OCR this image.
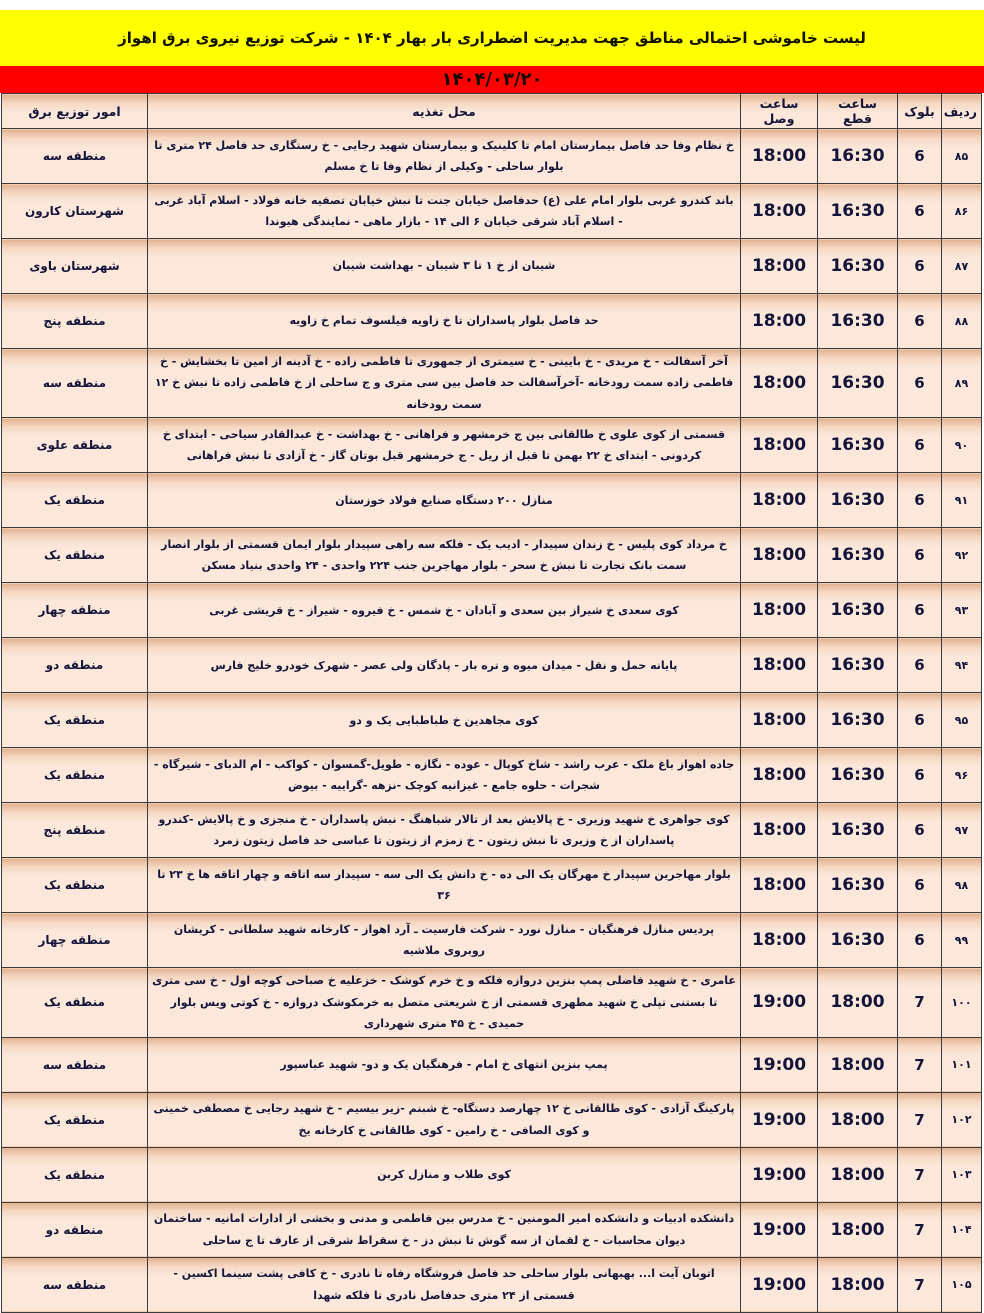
لیست خاموشی احتمالی مناطق جهت مدیریت اضطراری بار بهار ۱۴۰۴ - شرکت توزیع نیروی برق اهواز
۱۴۰۴/۰۳/۲۰
ردیف	بلوک	ساعت قطع	ساعت وصل	محل تغذیه	امور توزیع برق
۸۵	6	16:30	18:00	خ نظام وفا حد فاصل بیمارستان امام تا کلینیک و بیمارستان شهید رجایی - خ رستگاری حد فاصل ۲۴ متری تا بلوار ساحلی - وکیلی از نظام وفا تا خ مسلم	منطقه سه
۸۶	6	16:30	18:00	باند کندرو غربی بلوار امام علی (ع) حدفاصل خیابان جنت تا نبش خیابان تصفیه خانه فولاد - اسلام آباد غربی - اسلام آباد شرقی خیابان ۶ الی ۱۴ - بازار ماهی - نمایندگی هیوندا	شهرستان کارون
۸۷	6	16:30	18:00	شیبان از خ ۱ تا ۳ شیبان - بهداشت شیبان	شهرستان باوی
۸۸	6	16:30	18:00	حد فاصل بلوار پاسداران تا خ زاویه فیلسوف تمام خ زاویه	منطقه پنج
۸۹	6	16:30	18:00	آخر آسفالت - خ مریدی - خ بایینی - خ سیمتری از جمهوری تا فاطمی زاده - خ آدینه از امین تا بخشایش - خ فاطمی زاده سمت رودخانه -آخرآسفالت حد فاصل بین سی متری و ج ساحلی از خ فاطمی زاده تا نبش خ ۱۲ سمت رودخانه	منطقه سه
۹۰	6	16:30	18:00	قسمتی از کوی علوی خ طالقانی بین ج خرمشهر و فراهانی - خ بهداشت - خ عبدالقادر سیاحی - ابتدای خ کردونی - ابتدای خ ۲۲ بهمن تا قبل از ریل - ج خرمشهر قبل بوتان گاز - خ آزادی تا نبش فراهانی	منطقه علوی
۹۱	6	16:30	18:00	منازل ۲۰۰ دستگاه صنایع فولاد خوزستان	منطقه یک
۹۲	6	16:30	18:00	خ مرداد کوی پلیس - خ زندان سپیدار - ادیب یک - فلکه سه راهی سپیدار بلوار ایمان قسمتی از بلوار انصار سمت بانک تجارت تا نبش خ سحر - بلوار مهاجرین جنب ۲۲۴ واحدی - ۲۴ واحدی بنیاد مسکن	منطقه یک
۹۳	6	16:30	18:00	کوی سعدی خ شیراز بین سعدی و آبادان - خ شمس - خ فیروه - شیراز - خ قریشی غربی	منطقه چهار
۹۴	6	16:30	18:00	پایانه حمل و نقل - میدان میوه و تره بار - پادگان ولی عصر - شهرک خودرو خلیج فارس	منطقه دو
۹۵	6	16:30	18:00	کوی مجاهدین خ طباطبایی یک و دو	منطقه یک
۹۶	6	16:30	18:00	جاده اهواز باغ ملک - عرب راشد - شاخ کوپال - عوده - نگازه - طویل-گمسوان - کواکب - ام الدبای - شیرگاه - شجرات - حلوه جامع - غیزانیه کوچک -نزهه -گراییه - بیوض	منطقه یک
۹۷	6	16:30	18:00	کوی جواهری خ شهید وزیری - خ پالایش بعد از تالار شباهنگ - نبش پاسداران - خ منجزی و خ پالایش -کندرو پاسداران از خ وزیری تا نبش زیتون - خ زمزم از زیتون تا عباسی حد فاصل زیتون زمرد	منطقه پنج
۹۸	6	16:30	18:00	بلوار مهاجرین سپیدار خ مهرگان یک الی ده - خ دانش یک الی سه - سپیدار سه اتاقه و چهار اتاقه ها خ ۲۳ تا ۳۶	منطقه یک
۹۹	6	16:30	18:00	پردیس منازل فرهنگیان - منازل نورد - شرکت فارسیت ـ آرد اهواز - کارخانه شهید سلطانی - کریشان روبروی ملاشیه	منطقه چهار
۱۰۰	7	18:00	19:00	عامری - خ شهید فاضلی پمپ بنزین دروازه فلکه و خ خرم کوشک - خزعلیه خ صباحی کوچه اول - خ سی متری تا بستنی تپلی خ شهید مطهری قسمتی از خ شریعتی متصل به خرمکوشک دروازه - خ کوتی ویس بلوار حمیدی - خ ۴۵ متری شهرداری	منطقه یک
۱۰۱	7	18:00	19:00	پمپ بنزین انتهای خ امام - فرهنگیان یک و دو- شهید عباسپور	منطقه سه
۱۰۲	7	18:00	19:00	پارکینگ آزادی - کوی طالقانی خ ۱۲ چهارصد دستگاه- خ شبنم -زیر بیسیم - خ شهید رجایی خ مصطفی خمینی و کوی الصافی - خ رامین - کوی طالقانی خ کارخانه یخ	منطقه یک
۱۰۳	7	18:00	19:00	کوی طلاب و منازل کربن	منطقه یک
۱۰۴	7	18:00	19:00	دانشکده ادبیات و دانشکده امیر المومنین - خ مدرس بین فاطمی و مدنی و بخشی از ادارات امانیه - ساختمان دیوان محاسبات - خ لقمان از سه گوش تا نبش دز - خ سقراط شرقی از عارف تا ج ساحلی	منطقه دو
۱۰۵	7	18:00	19:00	اتوبان آیت ا... بهبهانی بلوار ساحلی حد فاصل فروشگاه رفاه تا نادری - خ کافی پشت سینما اکسین - قسمتی از ۲۴ متری حدفاصل نادری تا فلکه شهدا	منطقه سه
